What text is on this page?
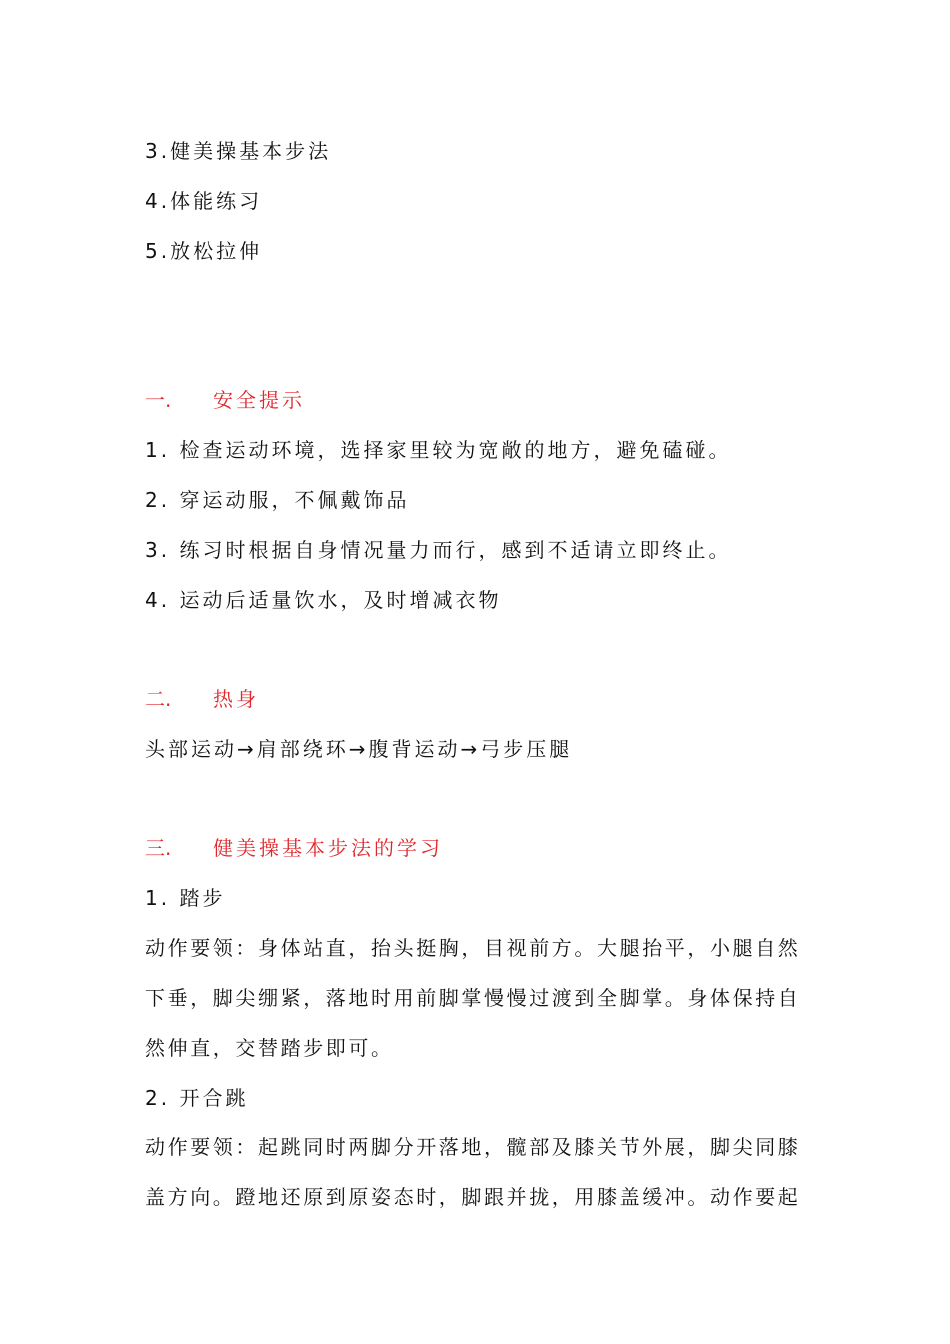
3.健美操基本步法
4.体能练习
5.放松拉伸
一. 安全提示
1. 检查运动环境，选择家里较为宽敞的地方，避免磕碰。
2. 穿运动服，不佩戴饰品
3. 练习时根据自身情况量力而行，感到不适请立即终止。
4. 运动后适量饮水，及时增减衣物
二. 热身
头部运动→肩部绕环→腹背运动→弓步压腿
三. 健美操基本步法的学习
1. 踏步
动作要领：身体站直，抬头挺胸，目视前方。大腿抬平，小腿自然
下垂，脚尖绷紧，落地时用前脚掌慢慢过渡到全脚掌。身体保持自
然伸直，交替踏步即可。
2. 开合跳
动作要领：起跳同时两脚分开落地，髋部及膝关节外展，脚尖同膝
盖方向。蹬地还原到原姿态时，脚跟并拢，用膝盖缓冲。动作要起
